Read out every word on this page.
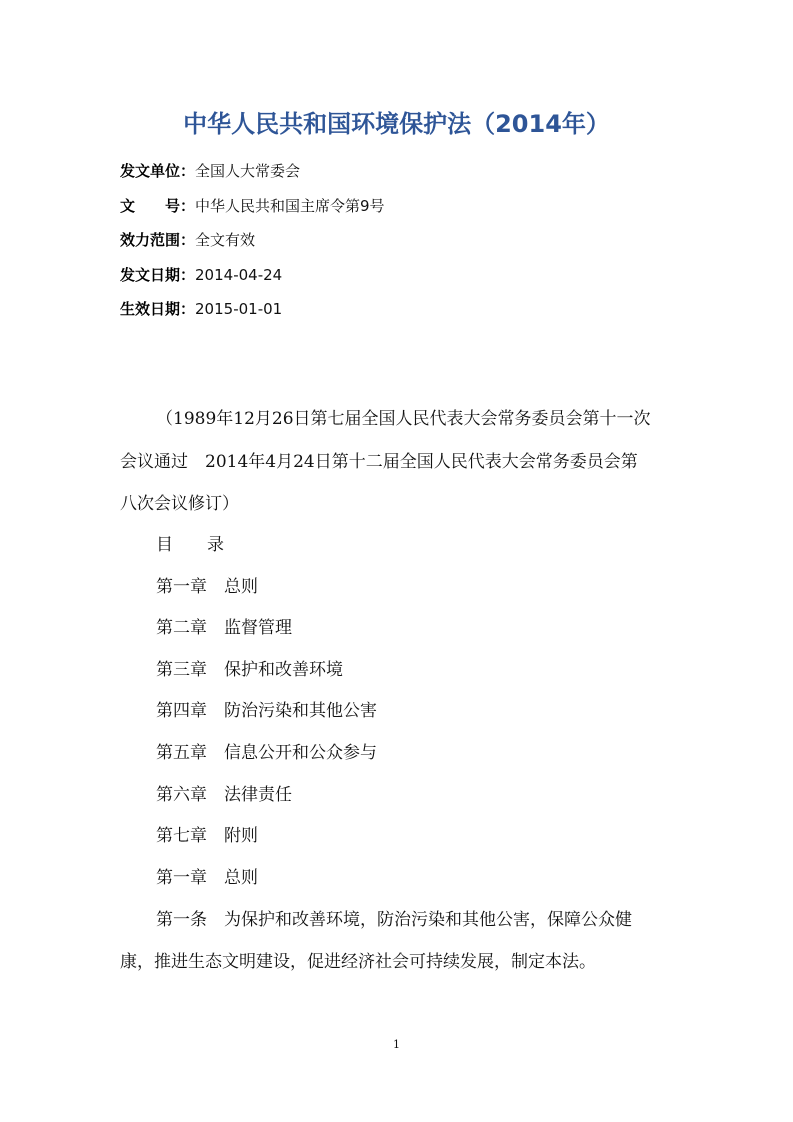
中华人民共和国环境保护法（2014年）
发文单位：全国人大常委会
文　　号：中华人民共和国主席令第9号
效力范围：全文有效
发文日期：2014-04-24
生效日期：2015-01-01
（1989年12月26日第七届全国人民代表大会常务委员会第十一次
会议通过　2014年4月24日第十二届全国人民代表大会常务委员会第
八次会议修订）
目　　录
第一章　总则
第二章　监督管理
第三章　保护和改善环境
第四章　防治污染和其他公害
第五章　信息公开和公众参与
第六章　法律责任
第七章　附则
第一章　总则
第一条　为保护和改善环境，防治污染和其他公害，保障公众健
康，推进生态文明建设，促进经济社会可持续发展，制定本法。
1
